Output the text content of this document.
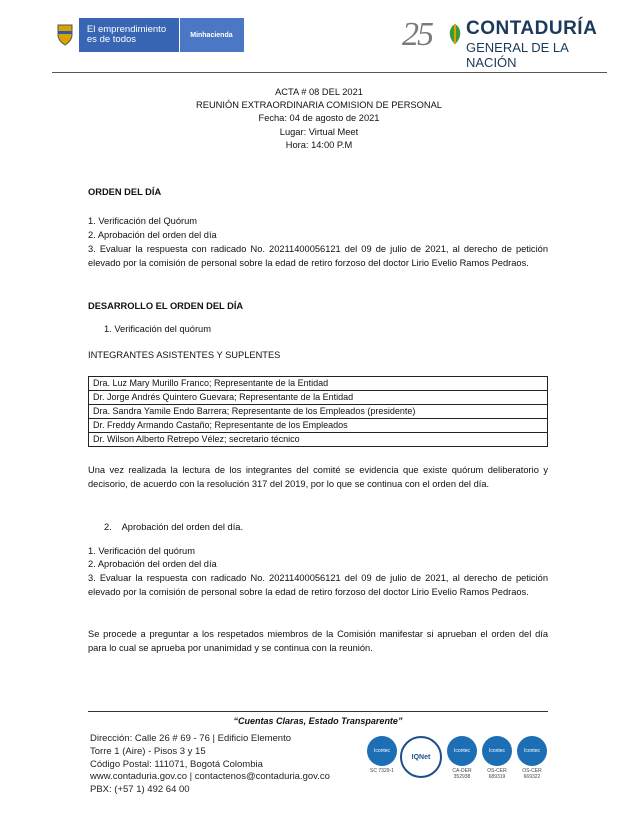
El emprendimiento es de todos	Minhacienda	25 CONTADURÍA
GENERAL DE LA NACIÓN
ACTA # 08 DEL 2021
REUNIÓN EXTRAORDINARIA COMISION DE PERSONAL
Fecha: 04 de agosto de 2021
Lugar: Virtual Meet
Hora: 14:00 P.M
ORDEN DEL DÍA
1. Verificación del Quórum
2. Aprobación del orden del día
3. Evaluar la respuesta con radicado No. 20211400056121 del 09 de julio de 2021, al derecho de petición elevado por la comisión de personal sobre la edad de retiro forzoso del doctor Lirio Evelio Ramos Pedraos.
DESARROLLO EL ORDEN DEL DÍA
1. Verificación del quórum
INTEGRANTES ASISTENTES Y SUPLENTES
Dra. Luz Mary Murillo Franco; Representante de la Entidad
Dr. Jorge Andrés Quintero Guevara; Representante de la Entidad
Dra. Sandra Yamile Endo Barrera; Representante de los Empleados (presidente)
Dr. Freddy Armando Castaño; Representante de los Empleados
Dr. Wilson Alberto Retrepo Vélez; secretario técnico
Una vez realizada la lectura de los integrantes del comité se evidencia que existe quórum deliberatorio y decisorio, de acuerdo con la resolución 317 del 2019, por lo que se continua con el orden del día.
2.    Aprobación del orden del día.
1. Verificación del quórum
2. Aprobación del orden del día
3. Evaluar la respuesta con radicado No. 20211400056121 del 09 de julio de 2021, al derecho de petición elevado por la comisión de personal sobre la edad de retiro forzoso del doctor Lirio Evelio Ramos Pedraos.
Se procede a preguntar a los respetados miembros de la Comisión manifestar si aprueban el orden del día para lo cual se aprueba por unanimidad y se continua con la reunión.
“Cuentas Claras, Estado Transparente”
Dirección: Calle 26 # 69 - 76 | Edificio Elemento
Torre 1 (Aire) - Pisos 3 y 15
Código Postal: 111071, Bogotá Colombia
www.contaduria.gov.co | contactenos@contaduria.gov.co
PBX: (+57 1) 492 64 00
Icontec
SC 7329-1
IQNet
Icontec
CA-DER 352938
Icontec
OS-CER 689319
Icontec
OS-CER 669322
